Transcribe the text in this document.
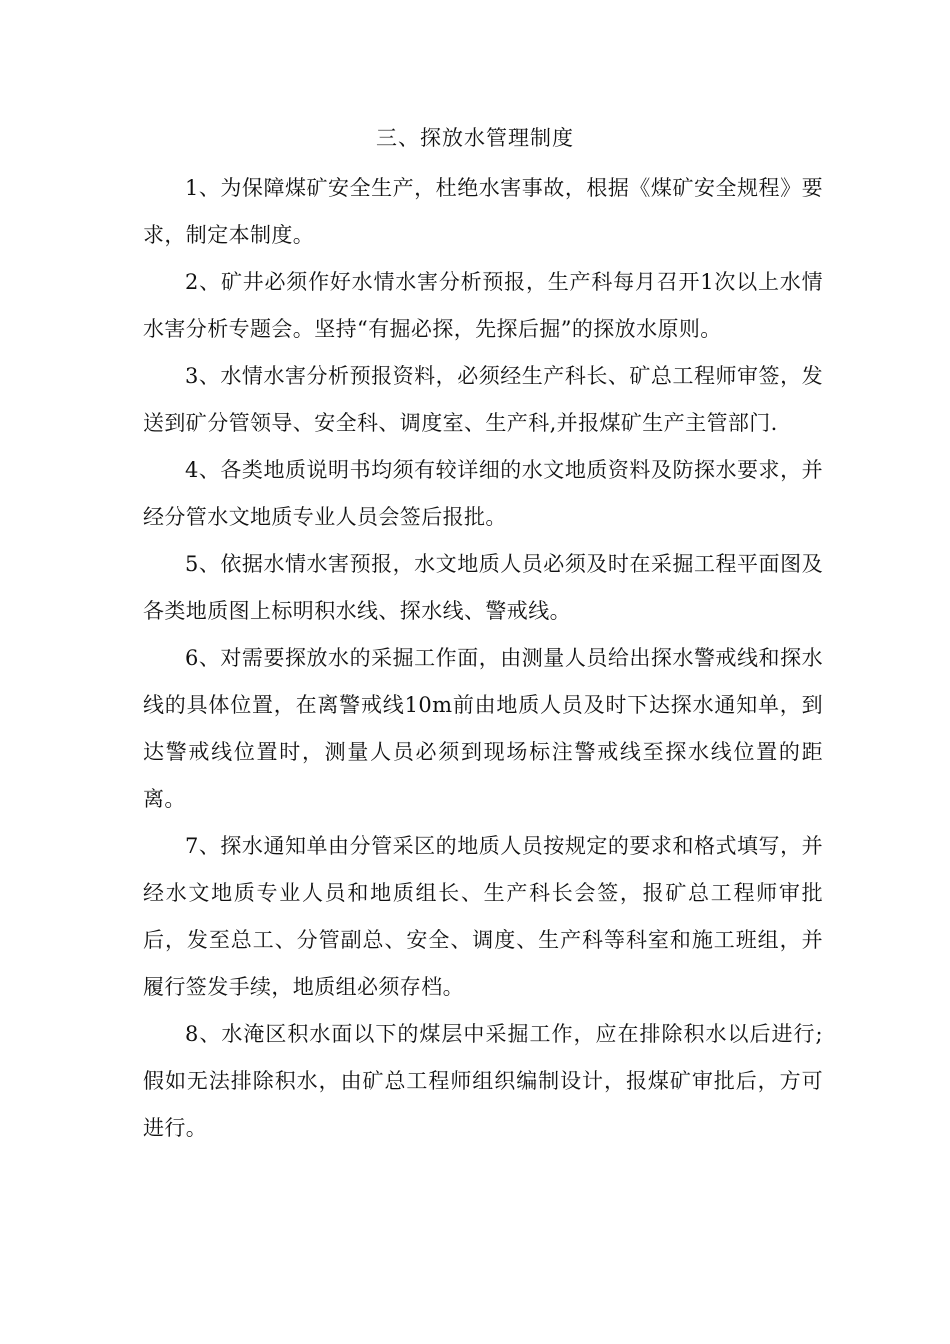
三、探放水管理制度

1、为保障煤矿安全生产，杜绝水害事故，根据《煤矿安全规程》要求，制定本制度。

2、矿井必须作好水情水害分析预报，生产科每月召开1次以上水情水害分析专题会。坚持“有掘必探，先探后掘”的探放水原则。

3、水情水害分析预报资料，必须经生产科长、矿总工程师审签，发送到矿分管领导、安全科、调度室、生产科,并报煤矿生产主管部门.

4、各类地质说明书均须有较详细的水文地质资料及防探水要求，并经分管水文地质专业人员会签后报批。

5、依据水情水害预报，水文地质人员必须及时在采掘工程平面图及各类地质图上标明积水线、探水线、警戒线。

6、对需要探放水的采掘工作面，由测量人员给出探水警戒线和探水线的具体位置，在离警戒线10m前由地质人员及时下达探水通知单，到达警戒线位置时，测量人员必须到现场标注警戒线至探水线位置的距离。

7、探水通知单由分管采区的地质人员按规定的要求和格式填写，并经水文地质专业人员和地质组长、生产科长会签，报矿总工程师审批后，发至总工、分管副总、安全、调度、生产科等科室和施工班组，并履行签发手续，地质组必须存档。

8、水淹区积水面以下的煤层中采掘工作，应在排除积水以后进行;假如无法排除积水，由矿总工程师组织编制设计，报煤矿审批后，方可进行。
